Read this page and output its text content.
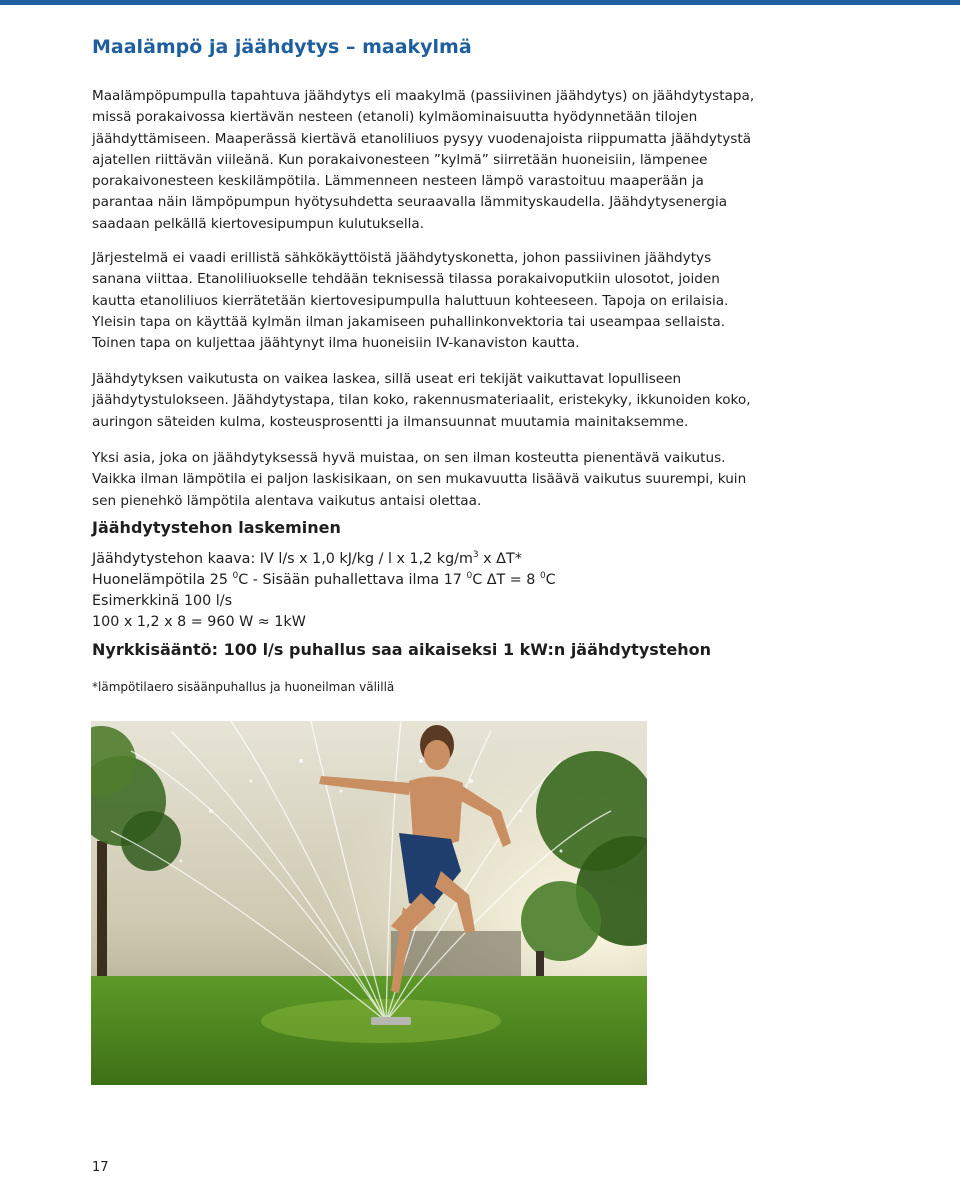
Maalämpö ja jäähdytys – maakylmä

Maalämpöpumpulla tapahtuva jäähdytys eli maakylmä (passiivinen jäähdytys) on jäähdytystapa,
missä porakaivossa kiertävän nesteen (etanoli) kylmäominaisuutta hyödynnetään tilojen
jäähdyttämiseen. Maaperässä kiertävä etanoliliuos pysyy vuodenajoista riippumatta jäähdytystä
ajatellen riittävän viileänä. Kun porakaivonesteen ”kylmä” siirretään huoneisiin, lämpenee
porakaivonesteen keskilämpötila. Lämmenneen nesteen lämpö varastoituu maaperään ja
parantaa näin lämpöpumpun hyötysuhdetta seuraavalla lämmityskaudella. Jäähdytysenergia
saadaan pelkällä kiertovesipumpun kulutuksella.

Järjestelmä ei vaadi erillistä sähkökäyttöistä jäähdytyskonetta, johon passiivinen jäähdytys
sanana viittaa. Etanoliliuokselle tehdään teknisessä tilassa porakaivoputkiin ulosotot, joiden
kautta etanoliliuos kierrätetään kiertovesipumpulla haluttuun kohteeseen. Tapoja on erilaisia.
Yleisin tapa on käyttää kylmän ilman jakamiseen puhallinkonvektoria tai useampaa sellaista.
Toinen tapa on kuljettaa jäähtynyt ilma huoneisiin IV-kanaviston kautta.

Jäähdytyksen vaikutusta on vaikea laskea, sillä useat eri tekijät vaikuttavat lopulliseen
jäähdytystulokseen. Jäähdytystapa, tilan koko, rakennusmateriaalit, eristekyky, ikkunoiden koko,
auringon säteiden kulma, kosteusprosentti ja ilmansuunnat muutamia mainitaksemme.

Yksi asia, joka on jäähdytyksessä hyvä muistaa, on sen ilman kosteutta pienentävä vaikutus.
Vaikka ilman lämpötila ei paljon laskisikaan, on sen mukavuutta lisäävä vaikutus suurempi, kuin
sen pienehkö lämpötila alentava vaikutus antaisi olettaa.

Jäähdytystehon laskeminen
Jäähdytystehon kaava: IV l/s x 1,0 kJ/kg / l x 1,2 $kg/m^3$ x ΔT*
Huonelämpötila 25 $^0$C - Sisään puhallettava ilma 17 $^0$C ΔT = 8 $^0$C
Esimerkkinä 100 l/s
100 x 1,2 x 8 = 960 W ≈ 1kW

Nyrkkisääntö: 100 l/s puhallus saa aikaiseksi 1 kW:n jäähdytystehon

*lämpötilaero sisäänpuhallus ja huoneilman välillä

17
